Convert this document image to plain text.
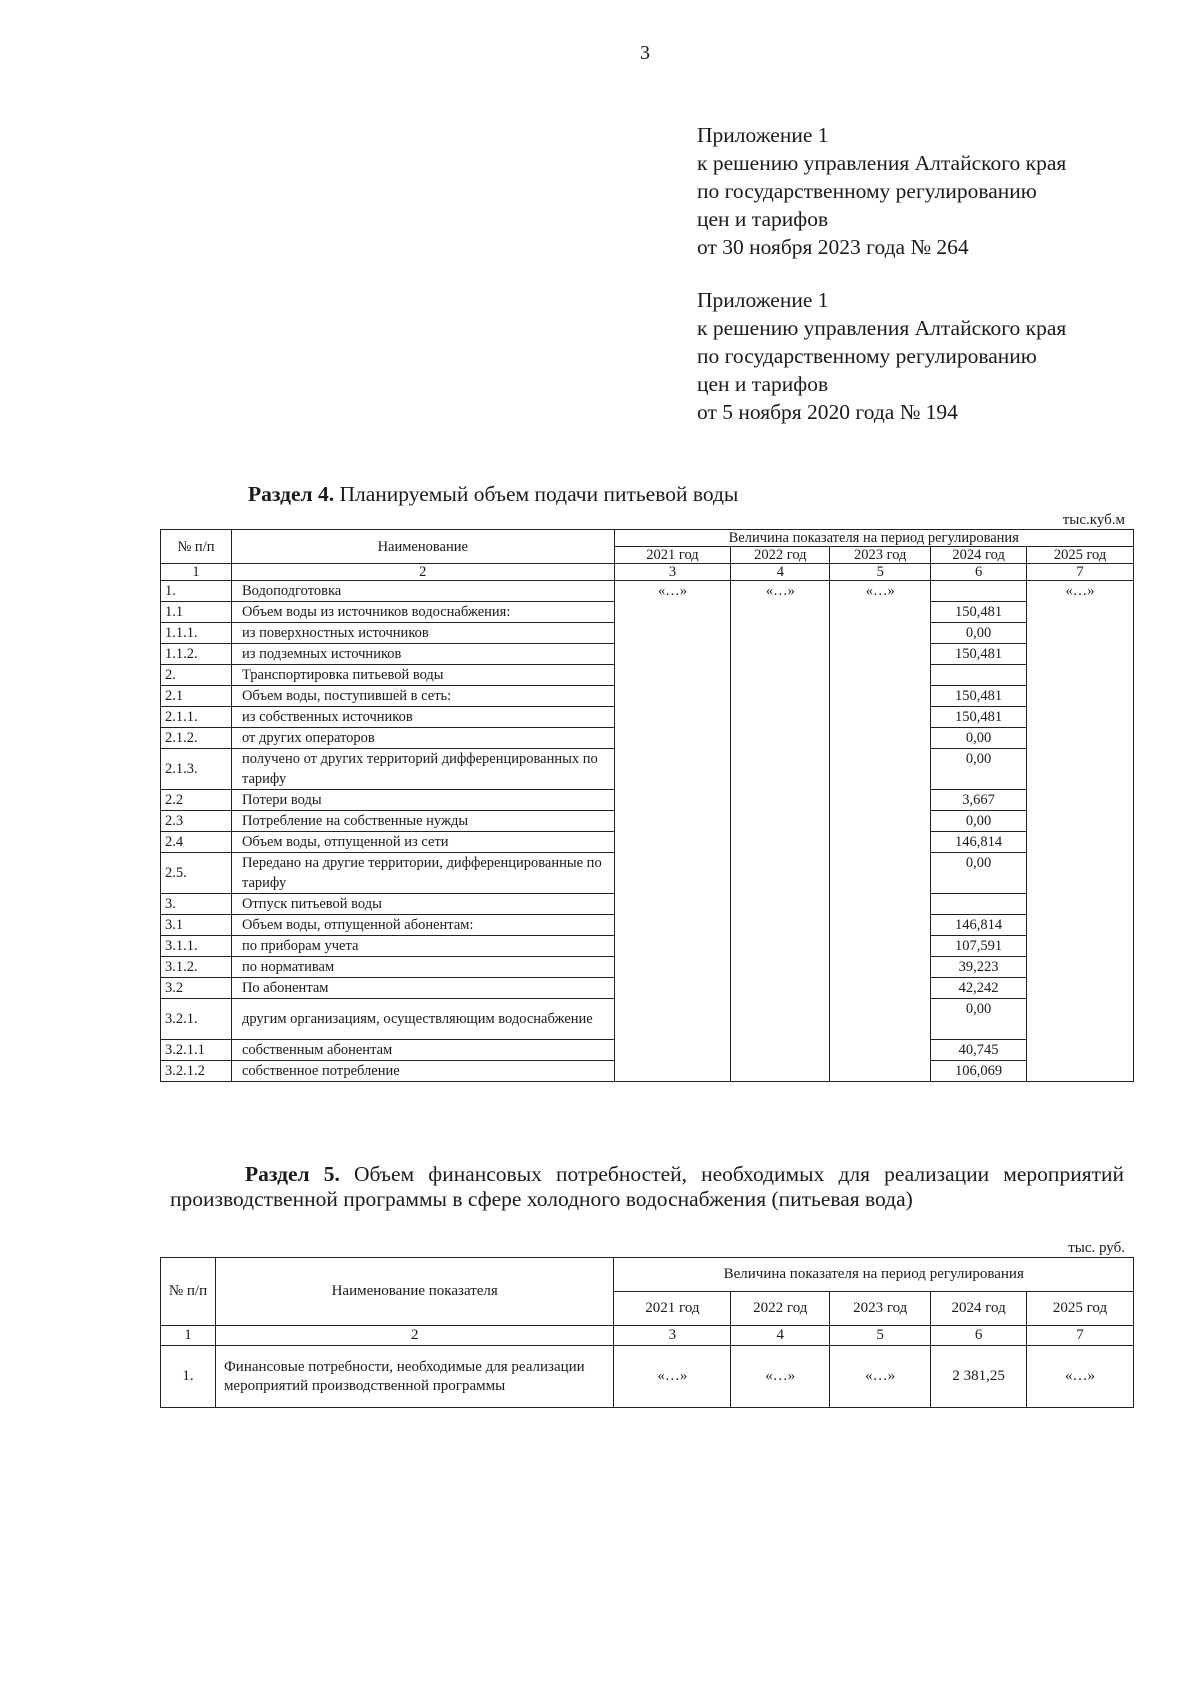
3
Приложение 1
к решению управления Алтайского края
по государственному регулированию
цен и тарифов
от 30 ноября 2023 года № 264
Приложение 1
к решению управления Алтайского края
по государственному регулированию
цен и тарифов
от 5 ноября 2020 года № 194
Раздел 4. Планируемый объем подачи питьевой воды
тыс.куб.м
№ п/п	Наименование	Величина показателя на период регулирования				
		2021 год	2022 год	2023 год	2024 год	2025 год
1	2	3	4	5	6	7
1.	Водоподготовка	«…»	«…»	«…»		«…»
1.1	Объем воды из источников водоснабжения:				150,481	
1.1.1.	из поверхностных источников				0,00	
1.1.2.	из подземных источников				150,481	
2.	Транспортировка питьевой воды					
2.1	Объем воды, поступившей в сеть:				150,481	
2.1.1.	из собственных источников				150,481	
2.1.2.	от других операторов				0,00	
2.1.3.	получено от других территорий дифференцированных по тарифу				0,00	
2.2	Потери воды				3,667	
2.3	Потребление на собственные нужды				0,00	
2.4	Объем воды, отпущенной из сети				146,814	
2.5.	Передано на другие территории, дифференцированные по тарифу				0,00	
3.	Отпуск питьевой воды					
3.1	Объем воды, отпущенной абонентам:				146,814	
3.1.1.	по приборам учета				107,591	
3.1.2.	по нормативам				39,223	
3.2	По абонентам				42,242	
3.2.1.	другим организациям, осуществляющим водоснабжение				0,00	
3.2.1.1	собственным абонентам				40,745	
3.2.1.2	собственное потребление				106,069	
Раздел 5. Объем финансовых потребностей, необходимых для реализации мероприятий производственной программы в сфере холодного водоснабжения (питьевая вода)
тыс. руб.
№ п/п	Наименование показателя	Величина показателя на период регулирования				
		2021 год	2022 год	2023 год	2024 год	2025 год
1	2	3	4	5	6	7
1.	Финансовые потребности, необходимые для реализации мероприятий производственной программы	«…»	«…»	«…»	2 381,25	«…»
